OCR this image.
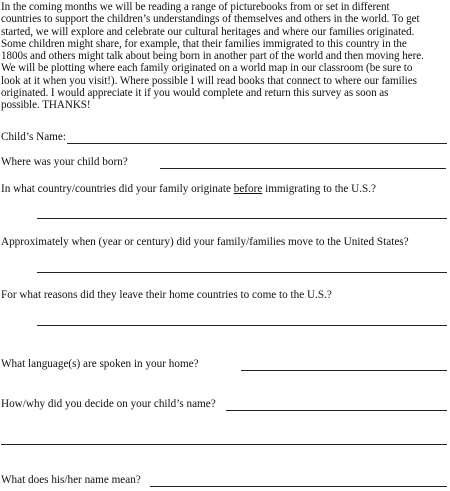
In the coming months we will be reading a range of picturebooks from or set in different
countries to support the children’s understandings of themselves and others in the world. To get
started, we will explore and celebrate our cultural heritages and where our families originated.
Some children might share, for example, that their families immigrated to this country in the
1800s and others might talk about being born in another part of the world and then moving here.
We will be plotting where each family originated on a world map in our classroom (be sure to
look at it when you visit!). Where possible I will read books that connect to where our families
originated. I would appreciate it if you would complete and return this survey as soon as
possible. THANKS!
Child’s Name:
Where was your child born?
In what country/countries did your family originate before immigrating to the U.S.?
Approximately when (year or century) did your family/families move to the United States?
For what reasons did they leave their home countries to come to the U.S.?
What language(s) are spoken in your home?
How/why did you decide on your child’s name?
What does his/her name mean?
